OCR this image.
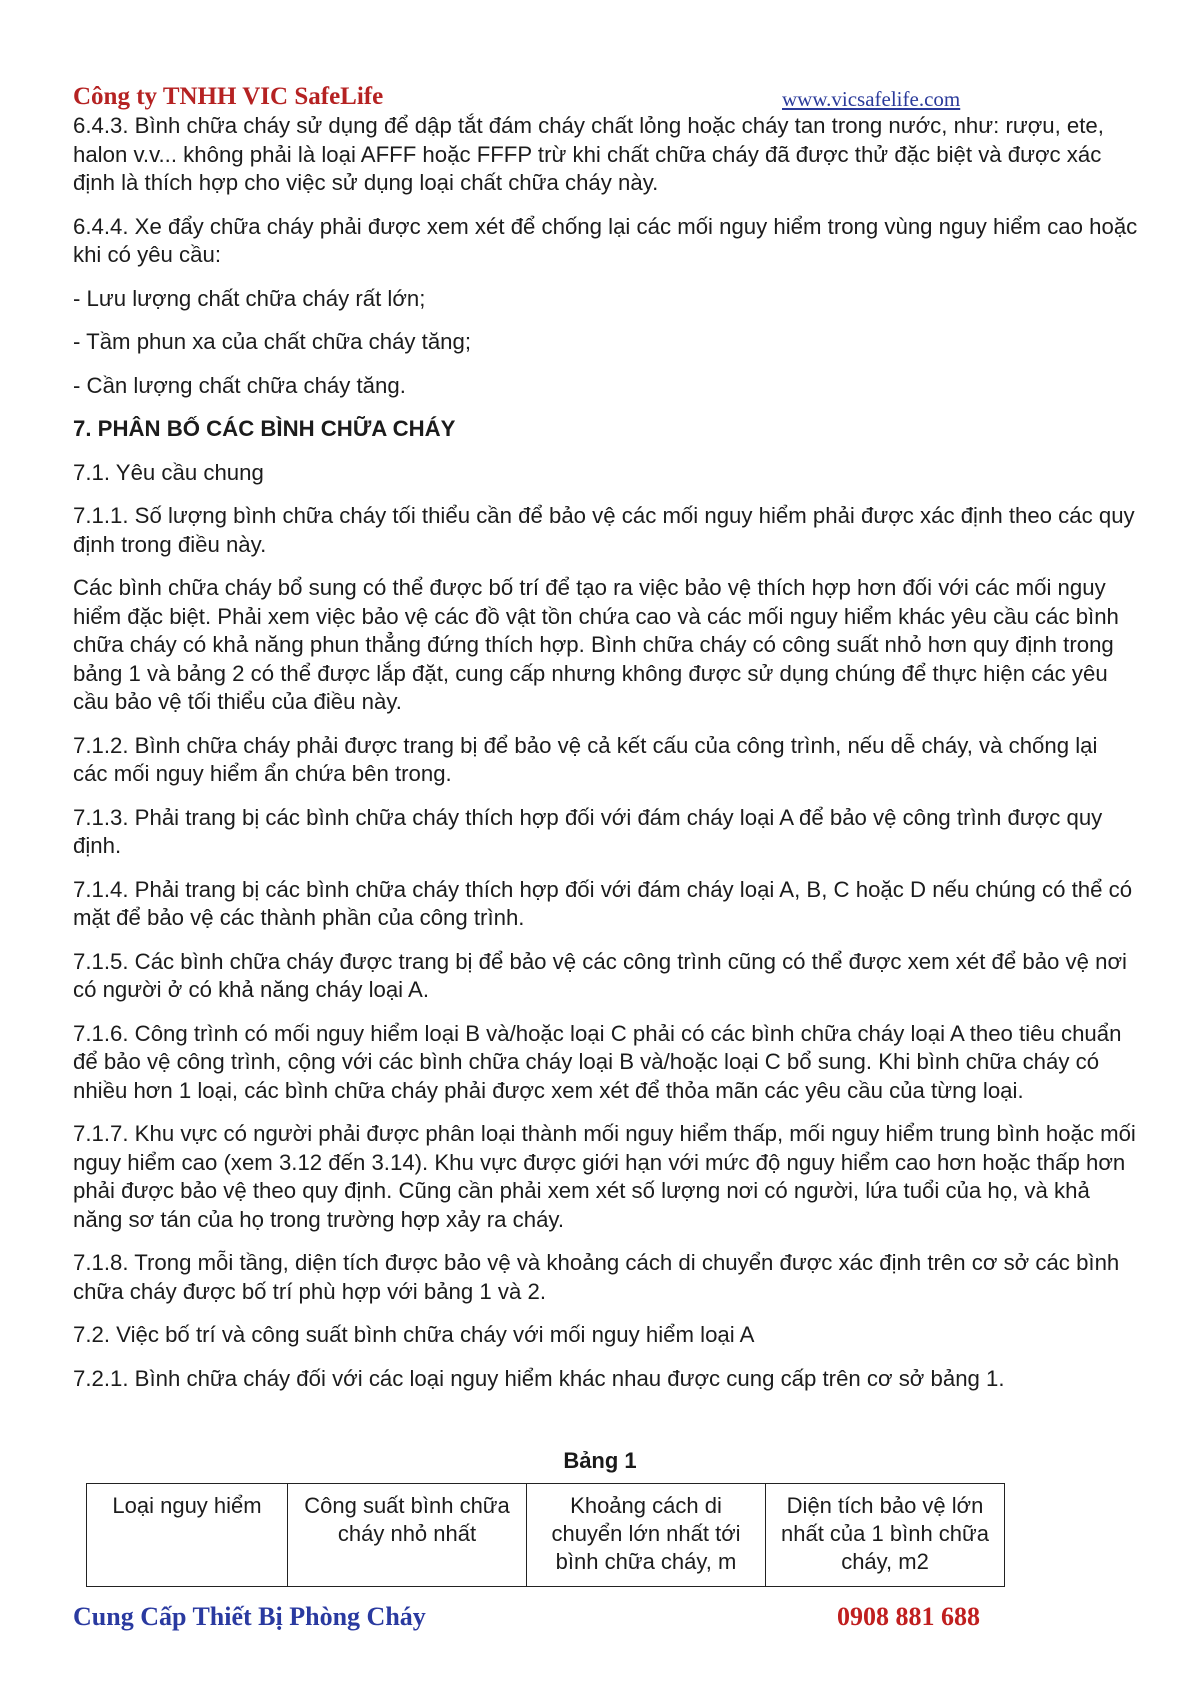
Công ty TNHH VIC SafeLife	www.vicsafelife.com

6.4.3. Bình chữa cháy sử dụng để dập tắt đám cháy chất lỏng hoặc cháy tan trong nước, như: rượu, ete, halon v.v... không phải là loại AFFF hoặc FFFP trừ khi chất chữa cháy đã được thử đặc biệt và được xác định là thích hợp cho việc sử dụng loại chất chữa cháy này.

6.4.4. Xe đẩy chữa cháy phải được xem xét để chống lại các mối nguy hiểm trong vùng nguy hiểm cao hoặc khi có yêu cầu:

- Lưu lượng chất chữa cháy rất lớn;

- Tầm phun xa của chất chữa cháy tăng;

- Cần lượng chất chữa cháy tăng.

7. PHÂN BỐ CÁC BÌNH CHỮA CHÁY

7.1. Yêu cầu chung

7.1.1. Số lượng bình chữa cháy tối thiểu cần để bảo vệ các mối nguy hiểm phải được xác định theo các quy định trong điều này.

Các bình chữa cháy bổ sung có thể được bố trí để tạo ra việc bảo vệ thích hợp hơn đối với các mối nguy hiểm đặc biệt. Phải xem việc bảo vệ các đồ vật tồn chứa cao và các mối nguy hiểm khác yêu cầu các bình chữa cháy có khả năng phun thẳng đứng thích hợp. Bình chữa cháy có công suất nhỏ hơn quy định trong bảng 1 và bảng 2 có thể được lắp đặt, cung cấp nhưng không được sử dụng chúng để thực hiện các yêu cầu bảo vệ tối thiểu của điều này.

7.1.2. Bình chữa cháy phải được trang bị để bảo vệ cả kết cấu của công trình, nếu dễ cháy, và chống lại các mối nguy hiểm ẩn chứa bên trong.

7.1.3. Phải trang bị các bình chữa cháy thích hợp đối với đám cháy loại A để bảo vệ công trình được quy định.

7.1.4. Phải trang bị các bình chữa cháy thích hợp đối với đám cháy loại A, B, C hoặc D nếu chúng có thể có mặt để bảo vệ các thành phần của công trình.

7.1.5. Các bình chữa cháy được trang bị để bảo vệ các công trình cũng có thể được xem xét để bảo vệ nơi có người ở có khả năng cháy loại A.

7.1.6. Công trình có mối nguy hiểm loại B và/hoặc loại C phải có các bình chữa cháy loại A theo tiêu chuẩn để bảo vệ công trình, cộng với các bình chữa cháy loại B và/hoặc loại C bổ sung. Khi bình chữa cháy có nhiều hơn 1 loại, các bình chữa cháy phải được xem xét để thỏa mãn các yêu cầu của từng loại.

7.1.7. Khu vực có người phải được phân loại thành mối nguy hiểm thấp, mối nguy hiểm trung bình hoặc mối nguy hiểm cao (xem 3.12 đến 3.14). Khu vực được giới hạn với mức độ nguy hiểm cao hơn hoặc thấp hơn phải được bảo vệ theo quy định. Cũng cần phải xem xét số lượng nơi có người, lứa tuổi của họ, và khả năng sơ tán của họ trong trường hợp xảy ra cháy.

7.1.8. Trong mỗi tầng, diện tích được bảo vệ và khoảng cách di chuyển được xác định trên cơ sở các bình chữa cháy được bố trí phù hợp với bảng 1 và 2.

7.2. Việc bố trí và công suất bình chữa cháy với mối nguy hiểm loại A

7.2.1. Bình chữa cháy đối với các loại nguy hiểm khác nhau được cung cấp trên cơ sở bảng 1.

Bảng 1
Loại nguy hiểm	Công suất bình chữa cháy nhỏ nhất	Khoảng cách di chuyển lớn nhất tới bình chữa cháy, m	Diện tích bảo vệ lớn nhất của 1 bình chữa cháy, m2
Cung Cấp Thiết Bị Phòng Cháy	0908 881 688
